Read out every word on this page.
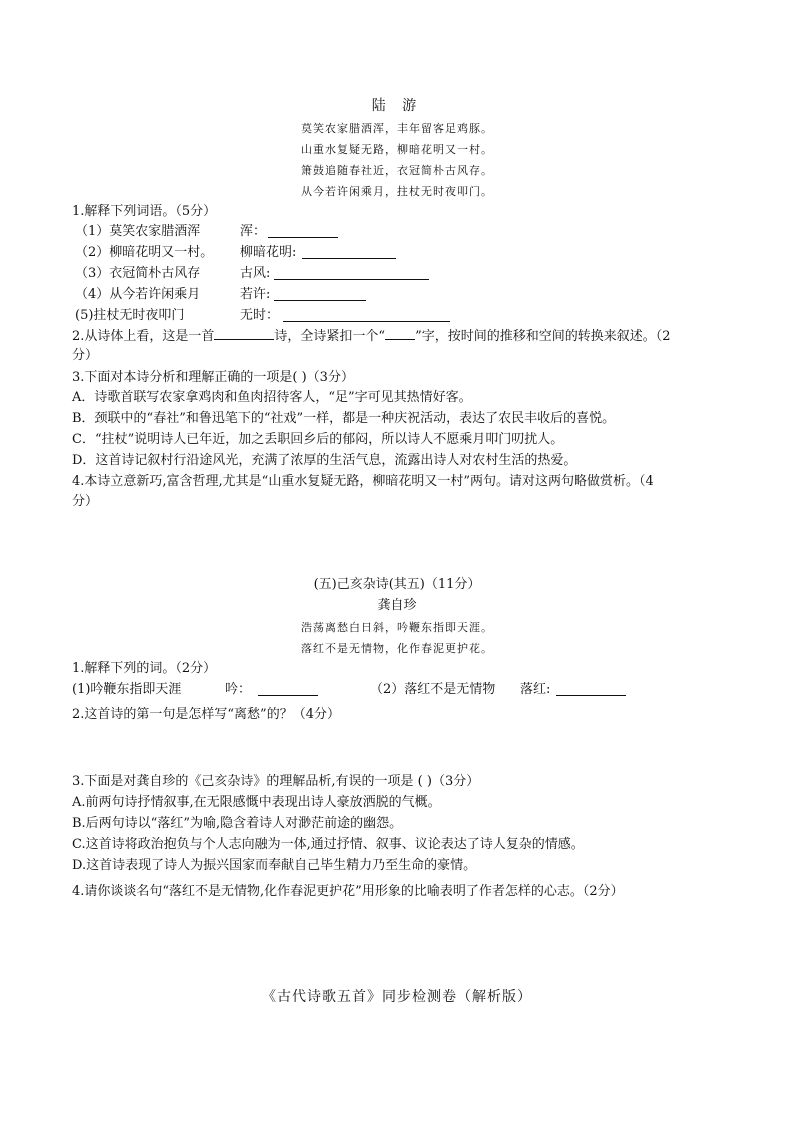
陆 游
莫笑农家腊酒浑，丰年留客足鸡豚。
山重水复疑无路，柳暗花明又一村。
箫鼓追随春社近，衣冠简朴古风存。
从今若许闲乘月，拄杖无时夜叩门。
1.解释下列词语。（5分）
（1）莫笑农家腊酒浑	浑：
（2）柳暗花明又一村。 柳暗花明:
（3）衣冠简朴古风存	古风:
（4）从今若许闲乘月	若许:
(5)拄杖无时夜叩门	无时：
2.从诗体上看，这是一首	诗，全诗紧扣一个“ ”字，按时间的推移和空间的转换来叙述。（2
分）
3.下面对本诗分析和理解正确的一项是( )（3分）
A．诗歌首联写农家拿鸡肉和鱼肉招待客人，“足”字可见其热情好客。
B．颈联中的“春社”和鲁迅笔下的“社戏”一样，都是一种庆祝活动，表达了农民丰收后的喜悦。
C．“拄杖”说明诗人已年近，加之丢职回乡后的郁闷，所以诗人不愿乘月叩门叨扰人。
D．这首诗记叙村行沿途风光，充满了浓厚的生活气息，流露出诗人对农村生活的热爱。
4.本诗立意新巧,富含哲理,尤其是“山重水复疑无路，柳暗花明又一村”两句。请对这两句略做赏析。（4
分）
(五)己亥杂诗(其五)（11分）
龚自珍
浩荡离愁白日斜，吟鞭东指即天涯。
落红不是无情物，化作春泥更护花。
1.解释下列的词。（2分）
(1)吟鞭东指即天涯	吟：	（2）落红不是无情物 落红:
2.这首诗的第一句是怎样写“离愁”的？（4分）
3.下面是对龚自珍的《己亥杂诗》的理解品析,有误的一项是 ( )（3分）
A.前两句诗抒情叙事,在无限感慨中表现出诗人豪放洒脱的气概。
B.后两句诗以“落红”为喻,隐含着诗人对渺茫前途的幽怨。
C.这首诗将政治抱负与个人志向融为一体,通过抒情、叙事、议论表达了诗人复杂的情感。
D.这首诗表现了诗人为振兴国家而奉献自己毕生精力乃至生命的豪情。
4.请你谈谈名句“落红不是无情物,化作春泥更护花”用形象的比喻表明了作者怎样的心志。（2分）
《古代诗歌五首》同步检测卷（解析版）
